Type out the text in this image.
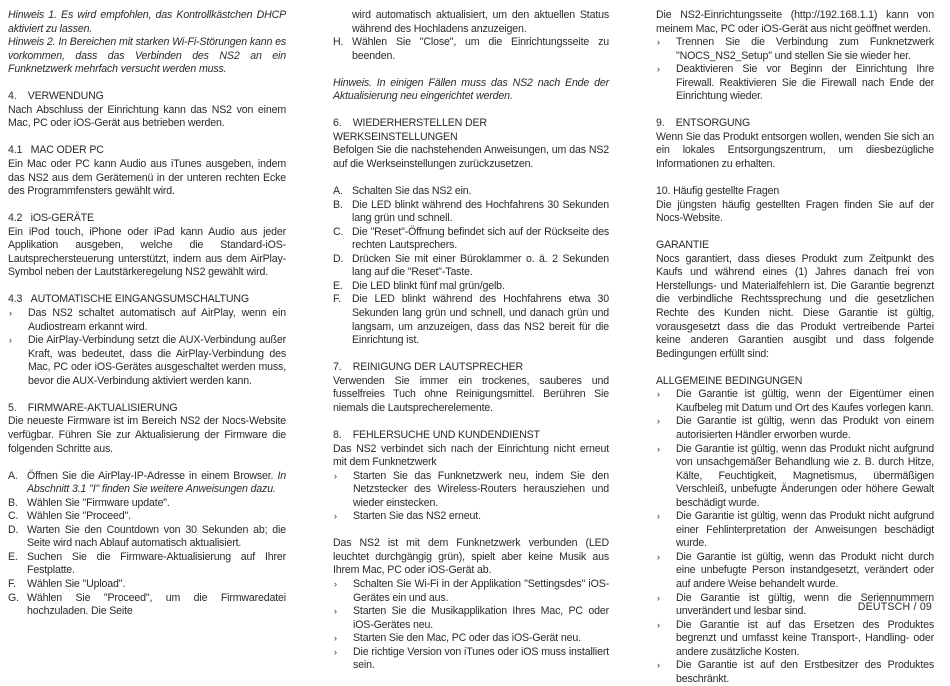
Hinweis 1. Es wird empfohlen, das Kontrollkästchen DHCP aktiviert zu lassen.

Hinweis 2. In Bereichen mit starken Wi-Fi-Störungen kann es vorkommen, dass das Verbinden des NS2 an ein Funknetzwerk mehrfach versucht werden muss.

4.    VERWENDUNG

Nach Abschluss der Einrichtung kann das NS2 von einem Mac, PC oder iOS-Gerät aus betrieben werden.

4.1   MAC ODER PC

Ein Mac oder PC kann Audio aus iTunes ausgeben, indem das NS2 aus dem Gerätemenü in der unteren rechten Ecke des Programmfensters gewählt wird.

4.2   iOS-GERÄTE

Ein iPod touch, iPhone oder iPad kann Audio aus jeder Applikation ausgeben, welche die Standard-iOS-Lautsprechersteuerung unterstützt, indem aus dem AirPlay-Symbol neben der Lautstärkeregelung NS2 gewählt wird.

4.3   AUTOMATISCHE EINGANGSUMSCHALTUNG

›	Das NS2 schaltet automatisch auf AirPlay, wenn ein Audiostream erkannt wird.
›	Die AirPlay-Verbindung setzt die AUX-Verbindung außer Kraft, was bedeutet, dass die AirPlay-Verbindung des Mac, PC oder iOS-Gerätes ausgeschaltet werden muss, bevor die AUX-Verbindung aktiviert werden kann.

5.    FIRMWARE-AKTUALISIERUNG

Die neueste Firmware ist im Bereich NS2 der Nocs-Website verfügbar. Führen Sie zur Aktualisierung der Firmware die folgenden Schritte aus.

A. Öffnen Sie die AirPlay-IP-Adresse in einem Browser. In Abschnitt 3.1 "I" finden Sie weitere Anweisungen dazu.
B. Wählen Sie "Firmware update".
C. Wählen Sie "Proceed".
D. Warten Sie den Countdown von 30 Sekunden ab; die Seite wird nach Ablauf automatisch aktualisiert.
E. Suchen Sie die Firmware-Aktualisierung auf Ihrer Festplatte.
F.	Wählen Sie "Upload".
G. Wählen Sie "Proceed", um die Firmwaredatei hochzuladen. Die Seite
wird automatisch aktualisiert, um den aktuellen Status während des Hochladens anzuzeigen.
H. Wählen Sie "Close", um die Einrichtungsseite zu beenden.

Hinweis. In einigen Fällen muss das NS2 nach Ende der Aktualisierung neu eingerichtet werden.

6.    WIEDERHERSTELLEN DER WERKSEINSTELLUNGEN

Befolgen Sie die nachstehenden Anweisungen, um das NS2 auf die Werkseinstellungen zurückzusetzen.

A. Schalten Sie das NS2 ein.
B. Die LED blinkt während des Hochfahrens 30 Sekunden lang grün und schnell.
C. Die "Reset"-Öffnung befindet sich auf der Rückseite des rechten Lautsprechers.
D. Drücken Sie mit einer Büroklammer o. ä. 2 Sekunden lang auf die "Reset"-Taste.
E. Die LED blinkt fünf mal grün/gelb.
F.	Die LED blinkt während des Hochfahrens etwa 30 Sekunden lang grün und schnell, und danach grün und langsam, um anzuzeigen, dass das NS2 bereit für die Einrichtung ist.

7.    REINIGUNG DER LAUTSPRECHER

Verwenden Sie immer ein trockenes, sauberes und fusselfreies Tuch ohne Reinigungsmittel. Berühren Sie niemals die Lautsprecherelemente.

8.    FEHLERSUCHE UND KUNDENDIENST

Das NS2 verbindet sich nach der Einrichtung nicht erneut mit dem Funknetzwerk

›	Starten Sie das Funknetzwerk neu, indem Sie den Netzstecker des Wireless-Routers herausziehen und wieder einstecken.
›	Starten Sie das NS2 erneut.

Das NS2 ist mit dem Funknetzwerk verbunden (LED leuchtet durchgängig grün), spielt aber keine Musik aus Ihrem Mac, PC oder iOS-Gerät ab.

›	Schalten Sie Wi-Fi in der Applikation "Settingsdes" iOS-Gerätes ein und aus.
›	Starten Sie die Musikapplikation Ihres Mac, PC oder iOS-Gerätes neu.
›	Starten Sie den Mac, PC oder das iOS-Gerät neu.
›	Die richtige Version von iTunes oder iOS muss installiert sein.

Die NS2-Einrichtungsseite (http://192.168.1.1) kann von meinem Mac, PC oder iOS-Gerät aus nicht geöffnet werden.

›	Trennen Sie die Verbindung zum Funknetzwerk "NOCS_NS2_Setup" und stellen Sie sie wieder her.
›	Deaktivieren Sie vor Beginn der Einrichtung Ihre Firewall. Reaktivieren Sie die Firewall nach Ende der Einrichtung wieder.

9.    ENTSORGUNG

Wenn Sie das Produkt entsorgen wollen, wenden Sie sich an ein lokales Entsorgungszentrum, um diesbezügliche Informationen zu erhalten.

10. Häufig gestellte Fragen

Die jüngsten häufig gestellten Fragen finden Sie auf der Nocs-Website.

GARANTIE

Nocs garantiert, dass dieses Produkt zum Zeitpunkt des Kaufs und während eines (1) Jahres danach frei von Herstellungs- und Materialfehlern ist. Die Garantie begrenzt die verbindliche Rechtssprechung und die gesetzlichen Rechte des Kunden nicht. Diese Garantie ist gültig, vorausgesetzt dass die das Produkt vertreibende Partei keine anderen Garantien ausgibt und dass folgende Bedingungen erfüllt sind:

ALLGEMEINE BEDINGUNGEN

›	Die Garantie ist gültig, wenn der Eigentümer einen Kaufbeleg mit Datum und Ort des Kaufes vorlegen kann.
›	Die Garantie ist gültig, wenn das Produkt von einem autorisierten Händler erworben wurde.
›	Die Garantie ist gültig, wenn das Produkt nicht aufgrund von unsachgemäßer Behandlung wie z. B. durch Hitze, Kälte, Feuchtigkeit, Magnetismus, übermäßigen Verschleiß, unbefugte Änderungen oder höhere Gewalt beschädigt wurde.
›	Die Garantie ist gültig, wenn das Produkt nicht aufgrund einer Fehlinterpretation der Anweisungen beschädigt wurde.
›	Die Garantie ist gültig, wenn das Produkt nicht durch eine unbefugte Person instandgesetzt, verändert oder auf andere Weise behandelt wurde.
›	Die Garantie ist gültig, wenn die Seriennummern unverändert und lesbar sind.
›	Die Garantie ist auf das Ersetzen des Produktes begrenzt und umfasst keine Transport-, Handling- oder andere zusätzliche Kosten.
›	Die Garantie ist auf den Erstbesitzer des Produktes beschränkt.
DEUTSCH / 09
